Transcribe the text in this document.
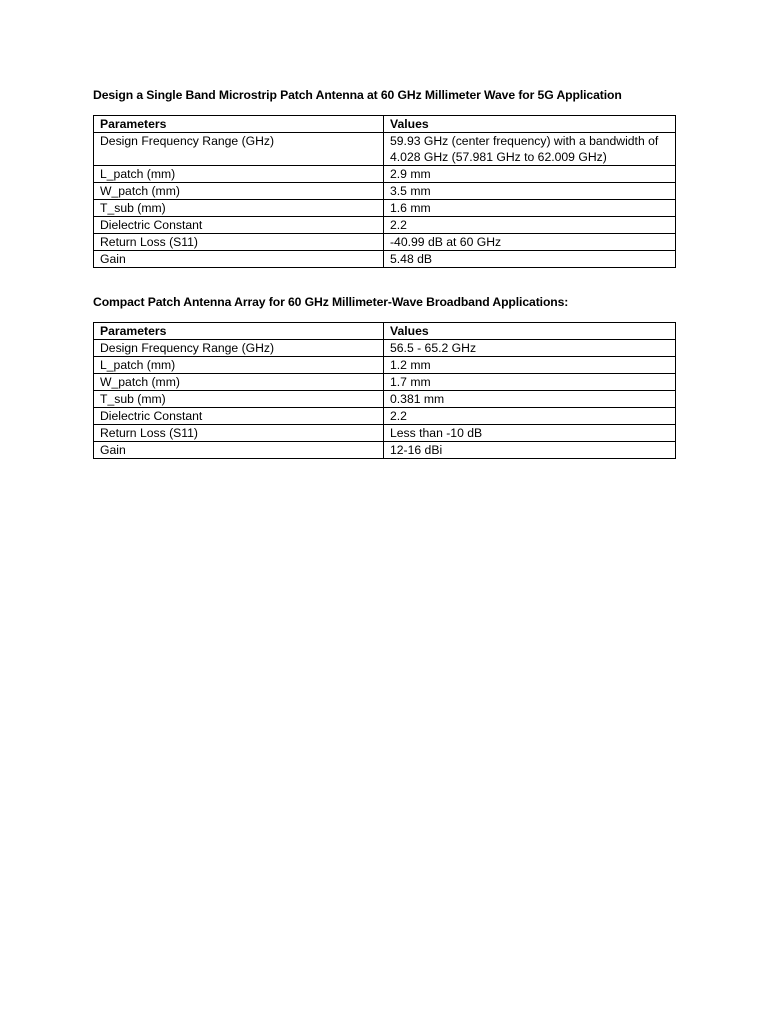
Design a Single Band Microstrip Patch Antenna at 60 GHz Millimeter Wave for 5G Application
Parameters	Values
Design Frequency Range (GHz)	59.93 GHz (center frequency) with a bandwidth of 4.028 GHz (57.981 GHz to 62.009 GHz)
L_patch (mm)	2.9 mm
W_patch (mm)	3.5 mm
T_sub (mm)	1.6 mm
Dielectric Constant	2.2
Return Loss (S11)	-40.99 dB at 60 GHz
Gain	5.48 dB
Compact Patch Antenna Array for 60 GHz Millimeter-Wave Broadband Applications:
Parameters	Values
Design Frequency Range (GHz)	56.5 - 65.2 GHz
L_patch (mm)	1.2 mm
W_patch (mm)	1.7 mm
T_sub (mm)	0.381 mm
Dielectric Constant	2.2
Return Loss (S11)	Less than -10 dB
Gain	12-16 dBi
